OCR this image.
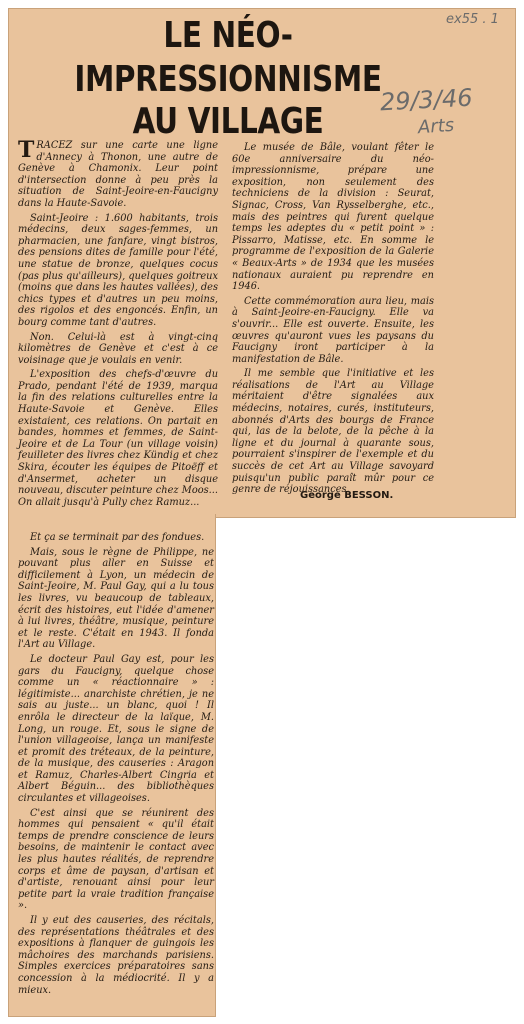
LE NÉO-IMPRESSIONNISME
AU VILLAGE
ex55 . 1
29/3/46
Arts

TRACEZ sur une carte une ligne d'Annecy à Thonon, une autre de Genève à Chamonix. Leur point d'intersection donne à peu près la situation de Saint-Jeoire-en-Faucigny dans la Haute-Savoie.

Saint-Jeoire : 1.600 habitants, trois médecins, deux sages-femmes, un pharmacien, une fanfare, vingt bistros, des pensions dites de famille pour l'été, une statue de bronze, quelques cocus (pas plus qu'ailleurs), quelques goitreux (moins que dans les hautes vallées), des chics types et d'autres un peu moins, des rigolos et des engoncés. Enfin, un bourg comme tant d'autres.

Non. Celui-là est à vingt-cinq kilomètres de Genève et c'est à ce voisinage que je voulais en venir.

L'exposition des chefs-d'œuvre du Prado, pendant l'été de 1939, marqua la fin des relations culturelles entre la Haute-Savoie et Genève. Elles existaient, ces relations. On partait en bandes, hommes et femmes, de Saint-Jeoire et de La Tour (un village voisin) feuilleter des livres chez Kündig et chez Skira, écouter les équipes de Pitoëff et d'Ansermet, acheter un disque nouveau, discuter peinture chez Moos... On allait jusqu'à Pully chez Ramuz...

Et ça se terminait par des fondues.

Mais, sous le règne de Philippe, ne pouvant plus aller en Suisse et difficilement à Lyon, un médecin de Saint-Jeoire, M. Paul Gay, qui a lu tous les livres, vu beaucoup de tableaux, écrit des histoires, eut l'idée d'amener à lui livres, théâtre, musique, peinture et le reste. C'était en 1943. Il fonda l'Art au Village.

Le docteur Paul Gay est, pour les gars du Faucigny, quelque chose comme un « réactionnaire » : légitimiste... anarchiste chrétien, je ne sais au juste... un blanc, quoi ! Il enrôla le directeur de la laïque, M. Long, un rouge. Et, sous le signe de l'union villageoise, lança un manifeste et promit des tréteaux, de la peinture, de la musique, des causeries : Aragon et Ramuz, Charles-Albert Cingria et Albert Béguin... des bibliothèques circulantes et villageoises.

C'est ainsi que se réunirent des hommes qui pensaient « qu'il était temps de prendre conscience de leurs besoins, de maintenir le contact avec les plus hautes réalités, de reprendre corps et âme de paysan, d'artisan et d'artiste, renouant ainsi pour leur petite part la vraie tradition française ».

Il y eut des causeries, des récitals, des représentations théâtrales et des expositions à flanquer de guingois les mâchoires des marchands parisiens. Simples exercices préparatoires sans concession à la médiocrité. Il y a mieux.

Le musée de Bâle, voulant fêter le 60e anniversaire du néo-impressionnisme, prépare une exposition, non seulement des techniciens de la division : Seurat, Signac, Cross, Van Rysselberghe, etc., mais des peintres qui furent quelque temps les adeptes du « petit point » : Pissarro, Matisse, etc. En somme le programme de l'exposition de la Galerie « Beaux-Arts » de 1934 que les musées nationaux auraient pu reprendre en 1946.

Cette commémoration aura lieu, mais à Saint-Jeoire-en-Faucigny. Elle va s'ouvrir... Elle est ouverte. Ensuite, les œuvres qu'auront vues les paysans du Faucigny iront participer à la manifestation de Bâle.

Il me semble que l'initiative et les réalisations de l'Art au Village méritaient d'être signalées aux médecins, notaires, curés, instituteurs, abonnés d'Arts des bourgs de France qui, las de la belote, de la pêche à la ligne et du journal à quarante sous, pourraient s'inspirer de l'exemple et du succès de cet Art au Village savoyard puisqu'un public paraît mûr pour ce genre de réjouissances.

George BESSON.
